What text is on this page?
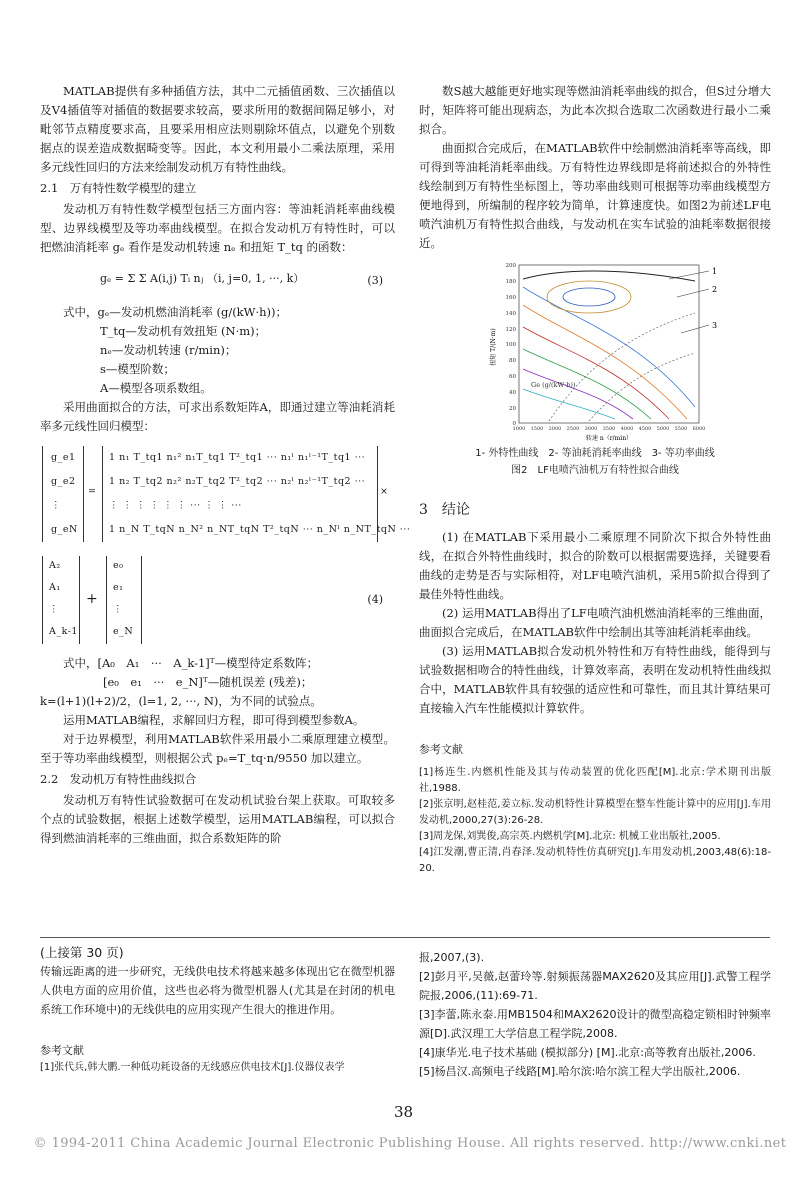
MATLAB提供有多种插值方法，其中二元插值函数、三次插值以及V4插值等对插值的数据要求较高，要求所用的数据间隔足够小，对毗邻节点精度要求高，且要采用相应法则剔除坏值点，以避免个别数据点的误差造成数据畸变等。因此，本文利用最小二乘法原理，采用多元线性回归的方法来绘制发动机万有特性曲线。

2.1　万有特性数学模型的建立

发动机万有特性数学模型包括三方面内容：等油耗消耗率曲线模型、边界线模型及等功率曲线模型。在拟合发动机万有特性时，可以把燃油消耗率 gₑ 看作是发动机转速 nₑ 和扭矩 T_tq 的函数：

gₑ = Σ Σ A(i,j) Tᵢ nⱼ （i, j=0, 1, ···, k）	(3)

式中，gₑ—发动机燃油消耗率 (g/(kW·h))；

T_tq—发动机有效扭矩 (N·m)；

nₑ—发动机转速 (r/min)；

s—模型阶数；

A—模型各项系数组。

采用曲面拟合的方法，可求出系数矩阵A，即通过建立等油耗消耗率多元线性回归模型：

g_e1
g_e2
⋮
g_eN
=
1 n₁ T_tq1 n₁² n₁T_tq1 T²_tq1 ··· n₁ˡ n₁ˡ⁻¹T_tq1 ···
1 n₂ T_tq2 n₂² n₂T_tq2 T²_tq2 ··· n₂ˡ n₂ˡ⁻¹T_tq2 ···
⋮ ⋮ ⋮ ⋮ ⋮ ⋮ ··· ⋮ ⋮ ···
1 n_N T_tqN n_N² n_NT_tqN T²_tqN ··· n_Nˡ n_NT_tqN ···
×
A₂
A₁
⋮
A_k-1
+
e₀
e₁
⋮
e_N
(4)

式中，[A₀　A₁　···　A_k-1]ᵀ—模型待定系数阵；

[e₀　e₁　···　e_N]ᵀ—随机误差 (残差)；

k=(l+1)(l+2)/2，(l=1, 2, ···, N)，为不同的试验点。

运用MATLAB编程，求解回归方程，即可得到模型参数A。

对于边界模型，利用MATLAB软件采用最小二乘原理建立模型。至于等功率曲线模型，则根据公式 pₑ=T_tq·n/9550 加以建立。

2.2　发动机万有特性曲线拟合

发动机万有特性试验数据可在发动机试验台架上获取。可取较多个点的试验数据，根据上述数学模型，运用MATLAB编程，可以拟合得到燃油消耗率的三维曲面，拟合系数矩阵的阶

数S越大越能更好地实现等燃油消耗率曲线的拟合，但S过分增大时，矩阵将可能出现病态，为此本次拟合选取二次函数进行最小二乘拟合。

曲面拟合完成后，在MATLAB软件中绘制燃油消耗率等高线，即可得到等油耗消耗率曲线。万有特性边界线即是将前述拟合的外特性线绘制到万有特性坐标图上，等功率曲线则可根据等功率曲线模型方便地得到，所编制的程序较为简单，计算速度快。如图2为前述LF电喷汽油机万有特性拟合曲线，与发动机在实车试验的油耗率数据很接近。

1
2
3
Ge (g/(kW·h))
200
180
160
140
120
100
80
60
40
20
0
1000 1500 2000 2500 3000 3500 4000 4500 5000 5500 6000
转速 n（r/min）
扭矩 T/(N·m)

1- 外特性曲线　2- 等油耗消耗率曲线　3- 等功率曲线

图2　LF电喷汽油机万有特性拟合曲线

3　结论

(1) 在MATLAB下采用最小二乘原理不同阶次下拟合外特性曲线，在拟合外特性曲线时，拟合的阶数可以根据需要选择，关键要看曲线的走势是否与实际相符，对LF电喷汽油机，采用5阶拟合得到了最佳外特性曲线。

(2) 运用MATLAB得出了LF电喷汽油机燃油消耗率的三维曲面，曲面拟合完成后，在MATLAB软件中绘制出其等油耗消耗率曲线。

(3) 运用MATLAB拟合发动机外特性和万有特性曲线，能得到与试验数据相吻合的特性曲线，计算效率高，表明在发动机特性曲线拟合中，MATLAB软件具有较强的适应性和可靠性，而且其计算结果可直接输入汽车性能模拟计算软件。

参考文献

[1]杨连生.内燃机性能及其与传动装置的优化匹配[M].北京:学术期刊出版社,1988.

[2]张京明,赵桂范,姜立标.发动机特性计算模型在整车性能计算中的应用[J].车用发动机,2000,27(3):26-28.

[3]周龙保,刘巽俊,高宗英.内燃机学[M].北京: 机械工业出版社,2005.

[4]江发潮,曹正清,肖春泽.发动机特性仿真研究[J].车用发动机,2003,48(6):18-20.

(上接第 30 页)

传输远距离的进一步研究，无线供电技术将越来越多体现出它在微型机器人供电方面的应用价值，这些也必将为微型机器人(尤其是在封闭的机电系统工作环境中)的无线供电的应用实现产生很大的推进作用。

参考文献

[1]张代兵,韩大鹏.一种低功耗设备的无线感应供电技术[J].仪器仪表学

报,2007,(3).

[2]彭月平,吴薇,赵蕾玲等.射频振荡器MAX2620及其应用[J].武警工程学院报,2006,(11):69-71.

[3]李蕾,陈永泰.用MB1504和MAX2620设计的微型高稳定锁相时钟频率源[D].武汉理工大学信息工程学院,2008.

[4]康华光.电子技术基础 (模拟部分) [M].北京:高等教育出版社,2006.

[5]杨昌汉.高频电子线路[M].哈尔滨:哈尔滨工程大学出版社,2006.

38
© 1994-2011 China Academic Journal Electronic Publishing House. All rights reserved. http://www.cnki.net
